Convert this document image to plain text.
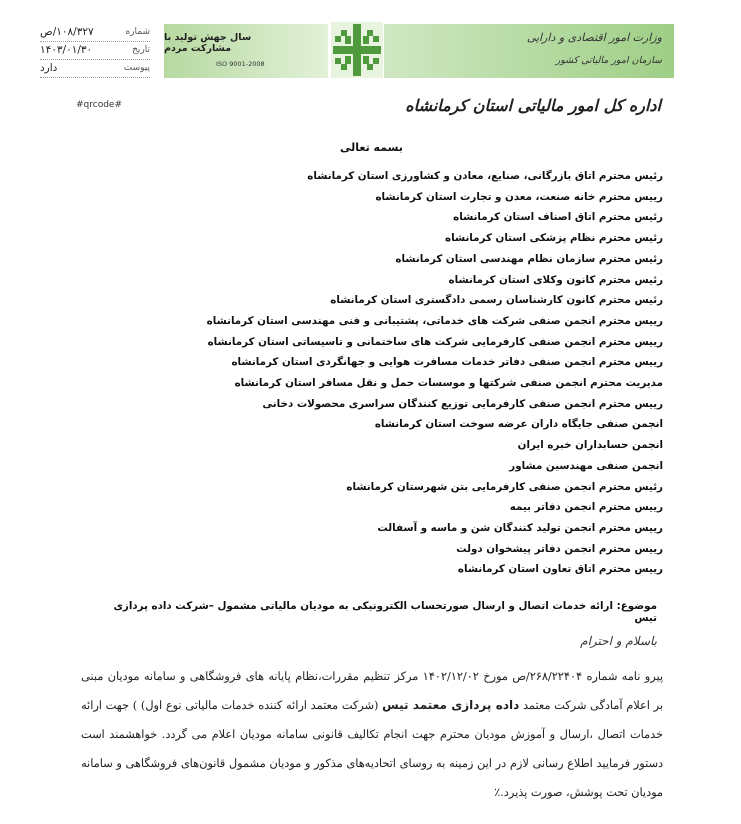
شماره
۱۰۸/۳۲۷/ص
تاریخ
۱۴۰۳/۰۱/۳۰
پیوست
دارد
#qrcode#
سال جهش تولید با مشارکت مردم
ISO 9001-2008
وزارت امور اقتصادی و دارایی
سازمان امور مالیاتی کشور
اداره کل امور مالیاتی استان کرمانشاه
بسمه تعالی
رئیس محترم اتاق بازرگانی، صنایع، معادن و کشاورزی استان کرمانشاه
رییس محترم خانه صنعت، معدن و تجارت استان کرمانشاه
رئیس محترم اتاق اصناف استان کرمانشاه
رئیس محترم نظام پزشکی استان کرمانشاه
رئیس محترم سازمان نظام مهندسی استان کرمانشاه
رئیس محترم کانون وکلای استان کرمانشاه
رئیس محترم کانون کارشناسان رسمی دادگستری استان کرمانشاه
رییس محترم انجمن صنفی شرکت های خدماتی، پشتیبانی و فنی مهندسی استان کرمانشاه
رییس محترم انجمن صنفی کارفرمایی شرکت های ساختمانی و تاسیساتی استان کرمانشاه
رییس محترم انجمن صنفی دفاتر خدمات مسافرت هوایی و جهانگردی استان کرمانشاه
مدیریت محترم انجمن صنفی شرکتها و موسسات حمل و نقل مسافر استان کرمانشاه
رییس محترم انجمن صنفی کارفرمایی توزیع کنندگان سراسری محصولات دخانی
انجمن صنفی جایگاه داران عرضه سوخت استان کرمانشاه
انجمن حسابداران خبره ایران
انجمن صنفی مهندسین مشاور
رئیس محترم انجمن صنفی کارفرمایی بتن شهرستان کرمانشاه
رییس محترم انجمن دفاتر بیمه
رییس محترم انجمن تولید کنندگان شن و ماسه و آسفالت
رییس محترم انجمن دفاتر پیشخوان دولت
رییس محترم اتاق تعاون استان کرمانشاه
موضوع: ارائه خدمات اتصال و ارسال صورتحساب الکترونیکی به مودیان مالیاتی مشمول –شرکت داده پردازی تیس
باسلام و احترام
پیرو نامه شماره ۲۶۸/۲۲۴۰۴/ص مورخ ۱۴۰۲/۱۲/۰۲ مرکز تنظیم مقررات،نظام پایانه های فروشگاهی و سامانه مودیان مبنی بر اعلام آمادگی شرکت معتمد داده پردازی معتمد تیس (شرکت معتمد ارائه کننده خدمات مالیاتی نوع اول) ) جهت ارائه خدمات اتصال ،ارسال و آموزش مودیان محترم جهت انجام تکالیف قانونی سامانه مودیان اعلام می گردد. خواهشمند است دستور فرمایید اطلاع رسانی لازم در این زمینه به روسای اتحادیه‌های مذکور و مودیان مشمول قانون‌های فروشگاهی و سامانه مودیان تحت پوشش، صورت پذیرد.٪
